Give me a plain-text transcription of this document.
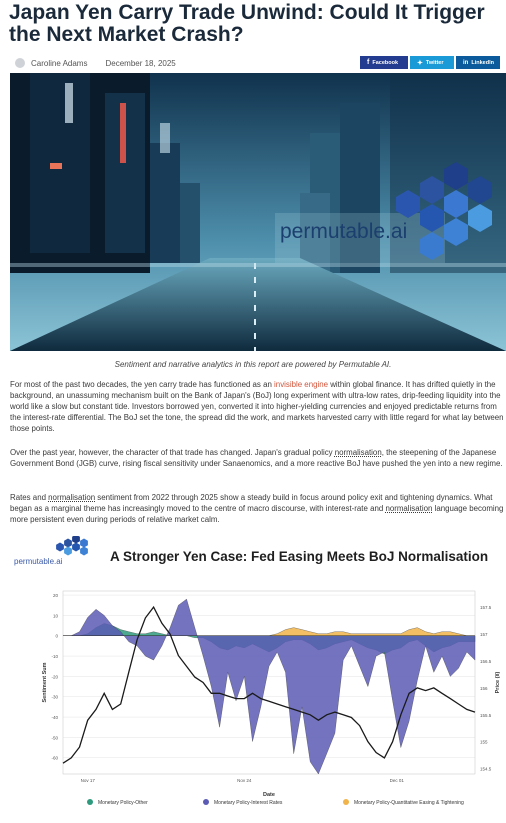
Japan Yen Carry Trade Unwind: Could It Trigger the Next Market Crash?
Caroline Adams December 18, 2025	f Facebook	✦ Twitter	in LinkedIn
permutable.ai
Sentiment and narrative analytics in this report are powered by Permutable AI.

For most of the past two decades, the yen carry trade has functioned as an invisible engine within global finance. It has drifted quietly in the background, an unassuming mechanism built on the Bank of Japan's (BoJ) long experiment with ultra-low rates, drip-feeding liquidity into the world like a slow but constant tide. Investors borrowed yen, converted it into higher-yielding currencies and enjoyed predictable returns from the interest-rate differential. The BoJ set the tone, the spread did the work, and markets harvested carry with little regard for what lay between those points.

Over the past year, however, the character of that trade has changed. Japan's gradual policy normalisation, the steepening of the Japanese Government Bond (JGB) curve, rising fiscal sensitivity under Sanaenomics, and a more reactive BoJ have pushed the yen into a new regime.

Rates and normalisation sentiment from 2022 through 2025 show a steady build in focus around policy exit and tightening dynamics. What began as a marginal theme has increasingly moved to the centre of macro discourse, with interest-rate and normalisation language becoming more persistent even during periods of relative market calm.

permutable.ai	A Stronger Yen Case: Fed Easing Meets BoJ Normalisation
20
10
0
-10
-20
-30
-40
-50
-60
157.5
157
156.5
156
155.5
155
154.5
Nov 17	Nov 24	Dec 01
Date
Sentiment Sum	Price (¥)
Monetary Policy-Other	Monetary Policy-Interest Rates	Monetary Policy-Quantitative Easing & Tightening
